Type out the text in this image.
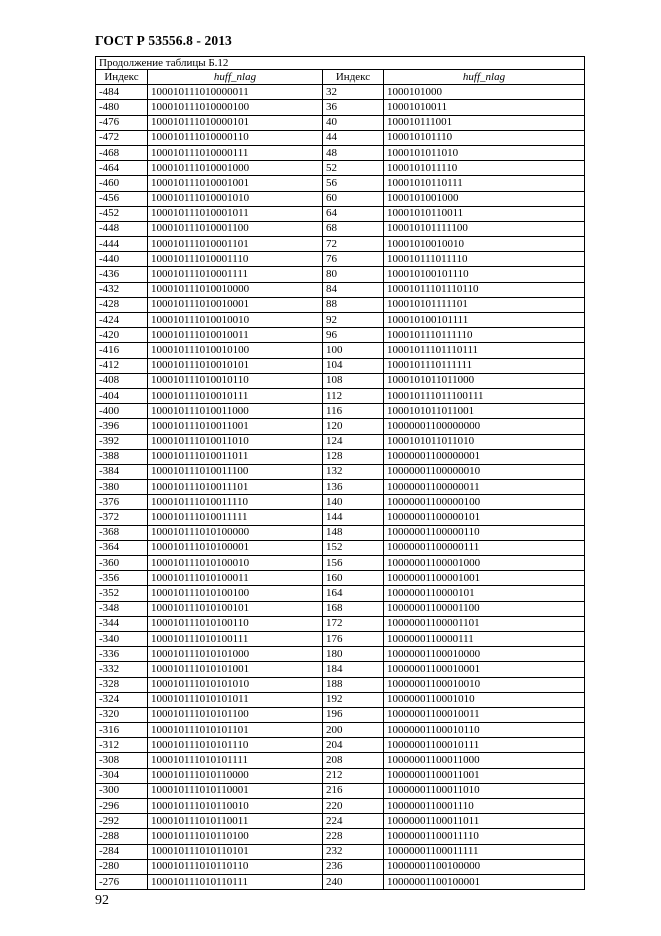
ГОСТ Р 53556.8 - 2013
Продолжение таблицы Б.12			
Индекс	huff_nlag	Индекс	huff_nlag
-484	100010111010000011	32	1000101000
-480	100010111010000100	36	10001010011
-476	100010111010000101	40	100010111001
-472	100010111010000110	44	100010101110
-468	100010111010000111	48	1000101011010
-464	100010111010001000	52	1000101011110
-460	100010111010001001	56	10001010110111
-456	100010111010001010	60	1000101001000
-452	100010111010001011	64	10001010110011
-448	100010111010001100	68	100010101111100
-444	100010111010001101	72	10001010010010
-440	100010111010001110	76	100010111011110
-436	100010111010001111	80	100010100101110
-432	100010111010010000	84	10001011101110110
-428	100010111010010001	88	100010101111101
-424	100010111010010010	92	100010100101111
-420	100010111010010011	96	1000101110111110
-416	100010111010010100	100	10001011101110111
-412	100010111010010101	104	1000101110111111
-408	100010111010010110	108	1000101011011000
-404	100010111010010111	112	100010111011100111
-400	100010111010011000	116	1000101011011001
-396	100010111010011001	120	10000001100000000
-392	100010111010011010	124	1000101011011010
-388	100010111010011011	128	10000001100000001
-384	100010111010011100	132	10000001100000010
-380	100010111010011101	136	10000001100000011
-376	100010111010011110	140	10000001100000100
-372	100010111010011111	144	10000001100000101
-368	100010111010100000	148	10000001100000110
-364	100010111010100001	152	10000001100000111
-360	100010111010100010	156	10000001100001000
-356	100010111010100011	160	10000001100001001
-352	100010111010100100	164	1000000110000101
-348	100010111010100101	168	10000001100001100
-344	100010111010100110	172	10000001100001101
-340	100010111010100111	176	1000000110000111
-336	100010111010101000	180	10000001100010000
-332	100010111010101001	184	10000001100010001
-328	100010111010101010	188	10000001100010010
-324	100010111010101011	192	1000000110001010
-320	100010111010101100	196	10000001100010011
-316	100010111010101101	200	10000001100010110
-312	100010111010101110	204	10000001100010111
-308	100010111010101111	208	10000001100011000
-304	100010111010110000	212	10000001100011001
-300	100010111010110001	216	10000001100011010
-296	100010111010110010	220	1000000110001110
-292	100010111010110011	224	10000001100011011
-288	100010111010110100	228	10000001100011110
-284	100010111010110101	232	10000001100011111
-280	100010111010110110	236	10000001100100000
-276	100010111010110111	240	10000001100100001
92
